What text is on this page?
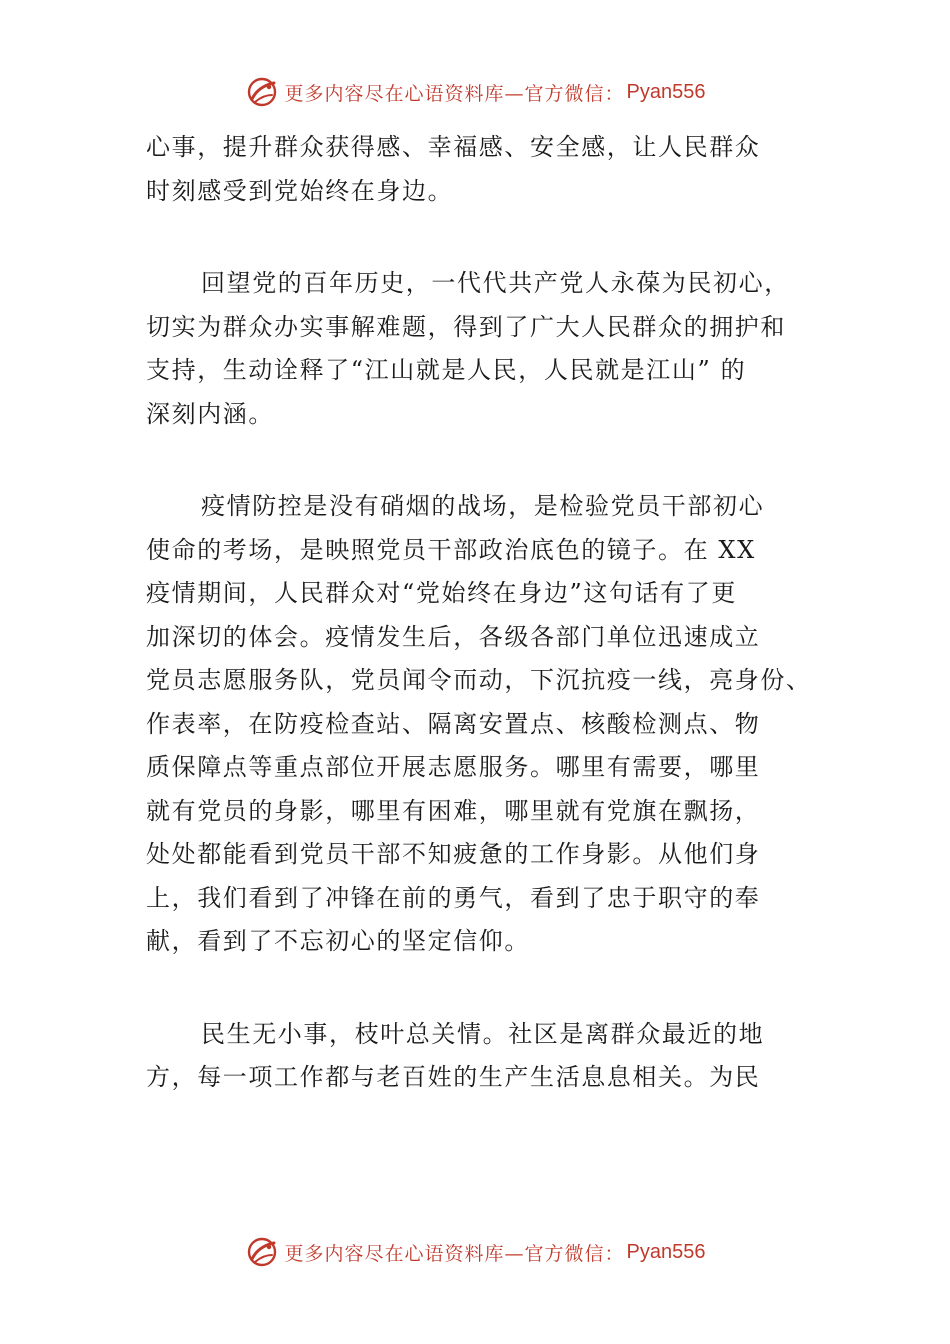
更多内容尽在心语资料库—官方微信： Pyan556

心事，提升群众获得感、幸福感、安全感，让人民群众
时刻感受到党始终在身边。

回望党的百年历史，一代代共产党人永葆为民初心，
切实为群众办实事解难题，得到了广大人民群众的拥护和
支持，生动诠释了“江山就是人民，人民就是江山” 的
深刻内涵。

疫情防控是没有硝烟的战场，是检验党员干部初心
使命的考场，是映照党员干部政治底色的镜子。在 XX
疫情期间，人民群众对“党始终在身边”这句话有了更
加深切的体会。疫情发生后，各级各部门单位迅速成立
党员志愿服务队，党员闻令而动，下沉抗疫一线，亮身份、
作表率，在防疫检查站、隔离安置点、核酸检测点、物
质保障点等重点部位开展志愿服务。哪里有需要，哪里
就有党员的身影，哪里有困难，哪里就有党旗在飘扬，
处处都能看到党员干部不知疲惫的工作身影。从他们身
上，我们看到了冲锋在前的勇气，看到了忠于职守的奉
献，看到了不忘初心的坚定信仰。

民生无小事，枝叶总关情。社区是离群众最近的地
方，每一项工作都与老百姓的生产生活息息相关。为民

更多内容尽在心语资料库—官方微信： Pyan556
